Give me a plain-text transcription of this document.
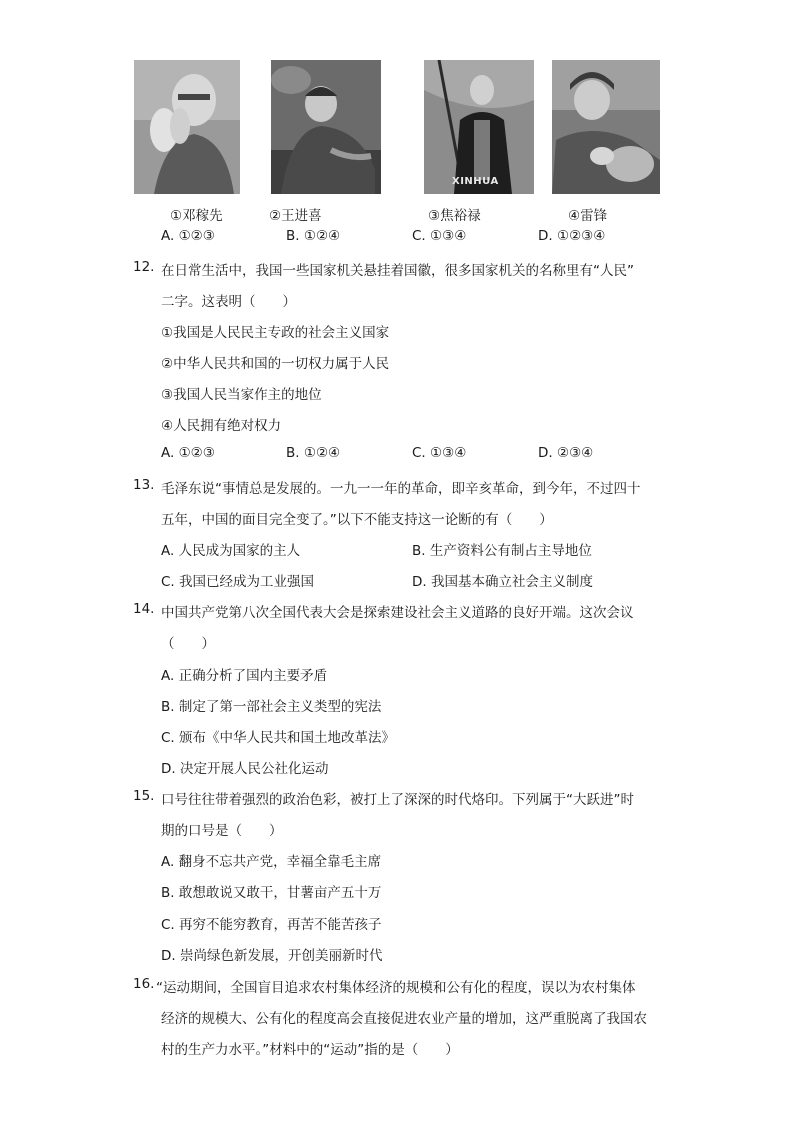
XINHUA
①邓稼先	②王进喜	③焦裕禄	④雷锋
A. ①②③	B. ①②④	C. ①③④	D. ①②③④
12. 在日常生活中，我国一些国家机关悬挂着国徽，很多国家机关的名称里有“人民”
二字。这表明（　　）
①我国是人民民主专政的社会主义国家
②中华人民共和国的一切权力属于人民
③我国人民当家作主的地位
④人民拥有绝对权力
A. ①②③	B. ①②④	C. ①③④	D. ②③④
13. 毛泽东说“事情总是发展的。一九一一年的革命，即辛亥革命，到今年，不过四十
五年，中国的面目完全变了。”以下不能支持这一论断的有（　　）
A. 人民成为国家的主人	B. 生产资料公有制占主导地位
C. 我国已经成为工业强国	D. 我国基本确立社会主义制度
14. 中国共产党第八次全国代表大会是探索建设社会主义道路的良好开端。这次会议
（　　）
A. 正确分析了国内主要矛盾
B. 制定了第一部社会主义类型的宪法
C. 颁布《中华人民共和国土地改革法》
D. 决定开展人民公社化运动
15. 口号往往带着强烈的政治色彩，被打上了深深的时代烙印。下列属于“大跃进”时
期的口号是（　　）
A. 翻身不忘共产党，幸福全靠毛主席
B. 敢想敢说又敢干，甘薯亩产五十万
C. 再穷不能穷教育，再苦不能苦孩子
D. 崇尚绿色新发展，开创美丽新时代
16. “运动期间，全国盲目追求农村集体经济的规模和公有化的程度，误以为农村集体
经济的规模大、公有化的程度高会直接促进农业产量的增加，这严重脱离了我国农
村的生产力水平。”材料中的“运动”指的是（　　）
